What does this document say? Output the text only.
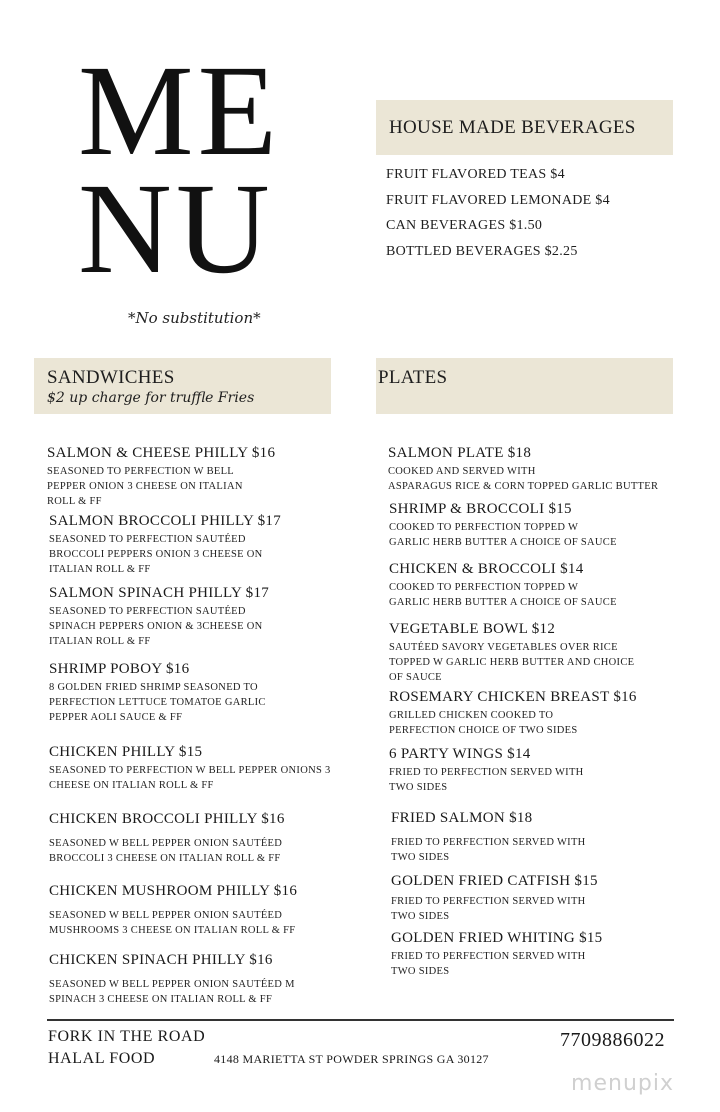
ME
NU
*No substitution*
HOUSE MADE BEVERAGES
FRUIT FLAVORED TEAS $4
FRUIT FLAVORED LEMONADE $4
CAN BEVERAGES $1.50
BOTTLED BEVERAGES $2.25
SANDWICHES
$2 up charge for truffle Fries
PLATES
SALMON & CHEESE PHILLY $16
SEASONED TO PERFECTION W BELL
PEPPER ONION 3 CHEESE ON ITALIAN
ROLL & FF
SALMON BROCCOLI PHILLY $17
SEASONED TO PERFECTION SAUTÉED
BROCCOLI PEPPERS ONION 3 CHEESE ON
ITALIAN ROLL & FF
SALMON SPINACH PHILLY $17
SEASONED TO PERFECTION SAUTÉED
SPINACH PEPPERS ONION & 3CHEESE ON
ITALIAN ROLL & FF
SHRIMP POBOY $16
8 GOLDEN FRIED SHRIMP SEASONED TO
PERFECTION LETTUCE TOMATOE GARLIC
PEPPER AOLI SAUCE & FF
CHICKEN PHILLY $15
SEASONED TO PERFECTION W BELL PEPPER ONIONS 3
CHEESE ON ITALIAN ROLL & FF
CHICKEN BROCCOLI PHILLY $16
SEASONED W BELL PEPPER ONION SAUTÉED
BROCCOLI 3 CHEESE ON ITALIAN ROLL & FF
CHICKEN MUSHROOM PHILLY $16
SEASONED W BELL PEPPER ONION SAUTÉED
MUSHROOMS 3 CHEESE ON ITALIAN ROLL & FF
CHICKEN SPINACH PHILLY $16
SEASONED W BELL PEPPER ONION SAUTÉED M
SPINACH 3 CHEESE ON ITALIAN ROLL & FF
SALMON PLATE $18
COOKED AND SERVED WITH
ASPARAGUS RICE & CORN TOPPED GARLIC BUTTER
SHRIMP & BROCCOLI $15
COOKED TO PERFECTION TOPPED W
GARLIC HERB BUTTER A CHOICE OF SAUCE
CHICKEN & BROCCOLI $14
COOKED TO PERFECTION TOPPED W
GARLIC HERB BUTTER A CHOICE OF SAUCE
VEGETABLE BOWL $12
SAUTÉED SAVORY VEGETABLES OVER RICE
TOPPED W GARLIC HERB BUTTER AND CHOICE
OF SAUCE
ROSEMARY CHICKEN BREAST $16
GRILLED CHICKEN COOKED TO
PERFECTION CHOICE OF TWO SIDES
6 PARTY WINGS $14
FRIED TO PERFECTION SERVED WITH
TWO SIDES
FRIED SALMON $18
FRIED TO PERFECTION SERVED WITH
TWO SIDES
GOLDEN FRIED CATFISH $15
FRIED TO PERFECTION SERVED WITH
TWO SIDES
GOLDEN FRIED WHITING $15
FRIED TO PERFECTION SERVED WITH
TWO SIDES
FORK IN THE ROAD
HALAL FOOD	4148 MARIETTA ST POWDER SPRINGS GA 30127
7709886022
menupix
